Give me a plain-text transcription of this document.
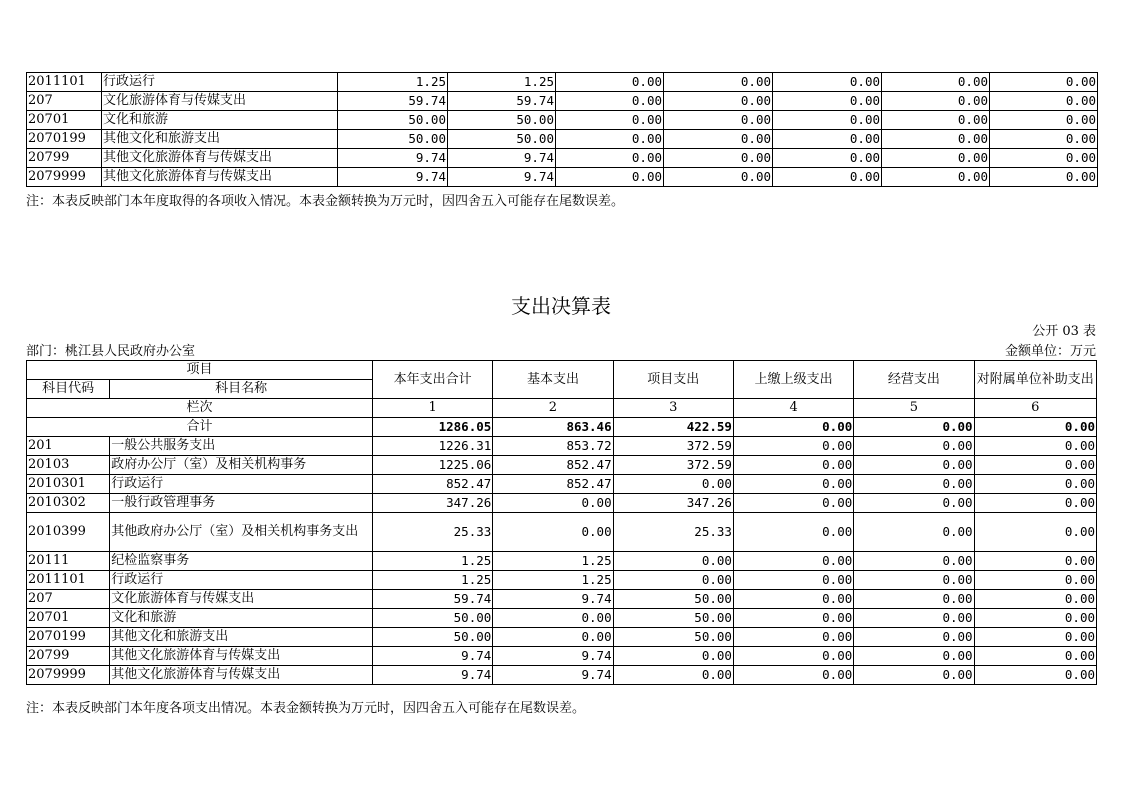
2011101	行政运行	1.25	1.25	0.00	0.00	0.00	0.00	0.00
207	文化旅游体育与传媒支出	59.74	59.74	0.00	0.00	0.00	0.00	0.00
20701	文化和旅游	50.00	50.00	0.00	0.00	0.00	0.00	0.00
2070199	其他文化和旅游支出	50.00	50.00	0.00	0.00	0.00	0.00	0.00
20799	其他文化旅游体育与传媒支出	9.74	9.74	0.00	0.00	0.00	0.00	0.00
2079999	其他文化旅游体育与传媒支出	9.74	9.74	0.00	0.00	0.00	0.00	0.00
注：本表反映部门本年度取得的各项收入情况。本表金额转换为万元时，因四舍五入可能存在尾数误差。
支出决算表
公开 03 表
部门：桃江县人民政府办公室	金额单位：万元
项目		本年支出合计	基本支出	项目支出	上缴上级支出	经营支出	对附属单位补助支出
科目代码	科目名称						
栏次		1	2	3	4	5	6
合计		1286.05	863.46	422.59	0.00	0.00	0.00
201	一般公共服务支出	1226.31	853.72	372.59	0.00	0.00	0.00
20103	政府办公厅（室）及相关机构事务	1225.06	852.47	372.59	0.00	0.00	0.00
2010301	行政运行	852.47	852.47	0.00	0.00	0.00	0.00
2010302	一般行政管理事务	347.26	0.00	347.26	0.00	0.00	0.00
2010399	其他政府办公厅（室）及相关机构事务支出	25.33	0.00	25.33	0.00	0.00	0.00
20111	纪检监察事务	1.25	1.25	0.00	0.00	0.00	0.00
2011101	行政运行	1.25	1.25	0.00	0.00	0.00	0.00
207	文化旅游体育与传媒支出	59.74	9.74	50.00	0.00	0.00	0.00
20701	文化和旅游	50.00	0.00	50.00	0.00	0.00	0.00
2070199	其他文化和旅游支出	50.00	0.00	50.00	0.00	0.00	0.00
20799	其他文化旅游体育与传媒支出	9.74	9.74	0.00	0.00	0.00	0.00
2079999	其他文化旅游体育与传媒支出	9.74	9.74	0.00	0.00	0.00	0.00
注：本表反映部门本年度各项支出情况。本表金额转换为万元时，因四舍五入可能存在尾数误差。
